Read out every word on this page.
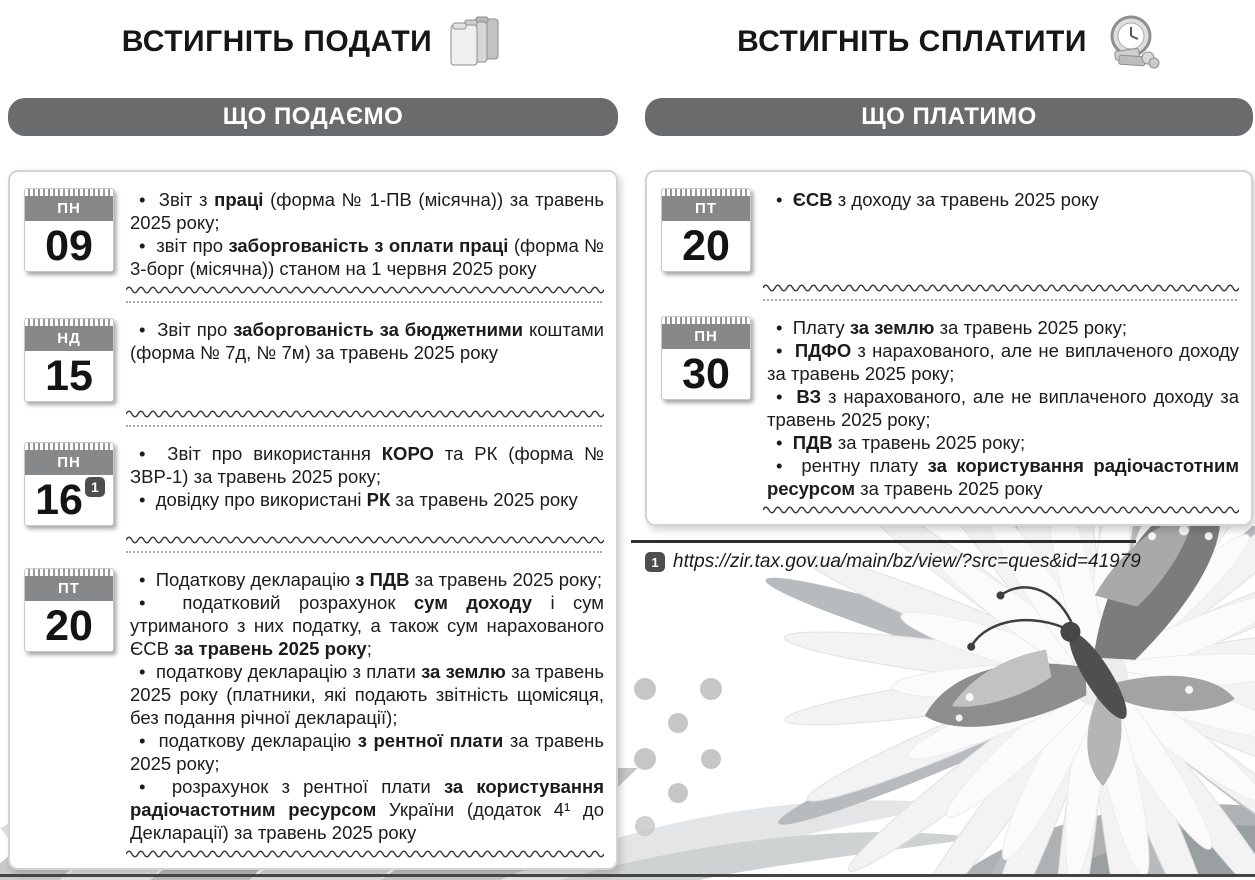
ВСТИГНІТЬ ПОДАТИ
ЩО ПОДАЄМО
ПН
09
•  Звіт з праці (форма № 1-ПВ (місячна)) за травень 2025 року;
•  звіт про заборгованість з оплати праці (форма № 3-борг (місячна)) станом на 1 червня 2025 року
НД
15
•  Звіт про заборгованість за бюджетними коштами (форма № 7д, № 7м) за травень 2025 року
ПН
16 1
•  Звіт про використання КОРО та РК (форма № ЗВР-1) за травень 2025 року;
•  довідку про використані РК за травень 2025 року
ПТ
20
•  Податкову декларацію з ПДВ за травень 2025 року;
•  податковий розрахунок сум доходу і сум утриманого з них податку, а також сум нарахованого ЄСВ за травень 2025 року;
•  податкову декларацію з плати за землю за травень 2025 року (платники, які подають звітність щомісяця, без подання річної декларації);
•  податкову декларацію з рентної плати за травень 2025 року;
•  розрахунок з рентної плати за користування радіочастотним ресурсом України (додаток 4¹ до Декларації) за травень 2025 року
ВСТИГНІТЬ СПЛАТИТИ
ЩО ПЛАТИМО
ПТ
20
•  ЄСВ з доходу за травень 2025 року
ПН
30
•  Плату за землю за травень 2025 року;
•  ПДФО з нарахованого, але не виплаченого доходу за травень 2025 року;
•  ВЗ з нарахованого, але не виплаченого доходу за травень 2025 року;
•  ПДВ за травень 2025 року;
•  рентну плату за користування радіочастотним ресурсом за травень 2025 року
1 https://zir.tax.gov.ua/main/bz/view/?src=ques&id=41979
